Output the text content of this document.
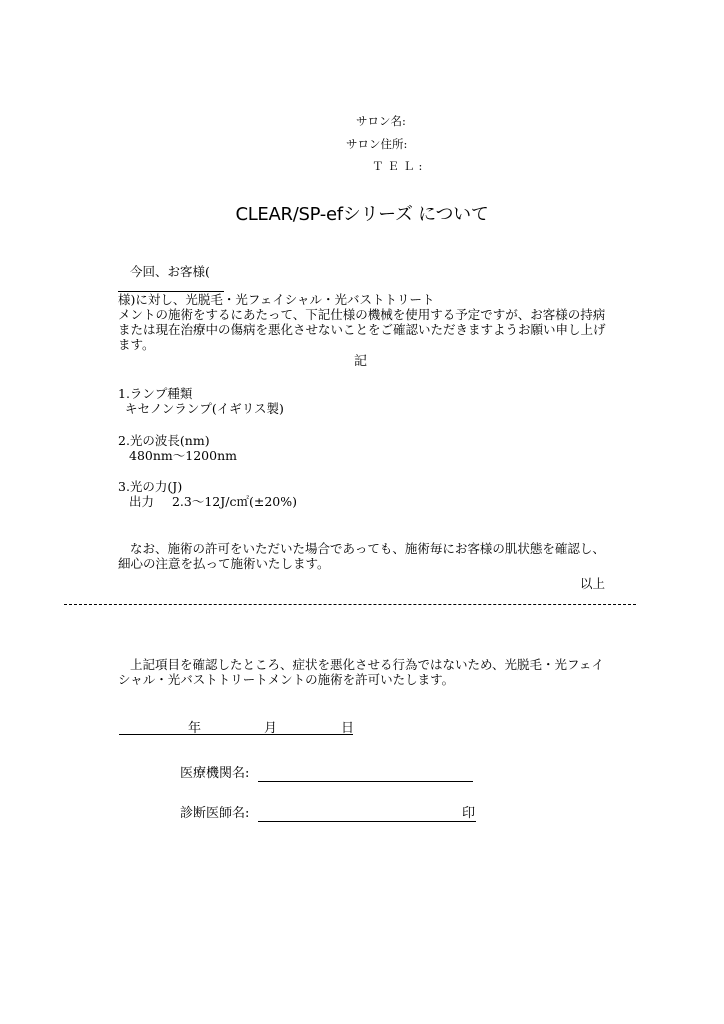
サロン名:
サロン住所:
ＴＥＬ:
CLEAR/SP-efシリーズ について
今回、お客様(
様)に対し、光脱毛・光フェイシャル・光バストトリート
メントの施術をするにあたって、下記仕様の機械を使用する予定ですが、お客様の持病
または現在治療中の傷病を悪化させないことをご確認いただきますようお願い申し上げ
ます。
記
1.ランプ種類
キセノンランプ(イギリス製)
2.光の波長(nm)
480nm〜1200nm
3.光の力(J)
出力 2.3〜12J/c㎡(±20%)
なお、施術の許可をいただいた場合であっても、施術毎にお客様の肌状態を確認し、
細心の注意を払って施術いたします。
以上
上記項目を確認したところ、症状を悪化させる行為ではないため、光脱毛・光フェイ
シャル・光バストトリートメントの施術を許可いたします。
年	月	日
医療機関名:
診断医師名:	印
